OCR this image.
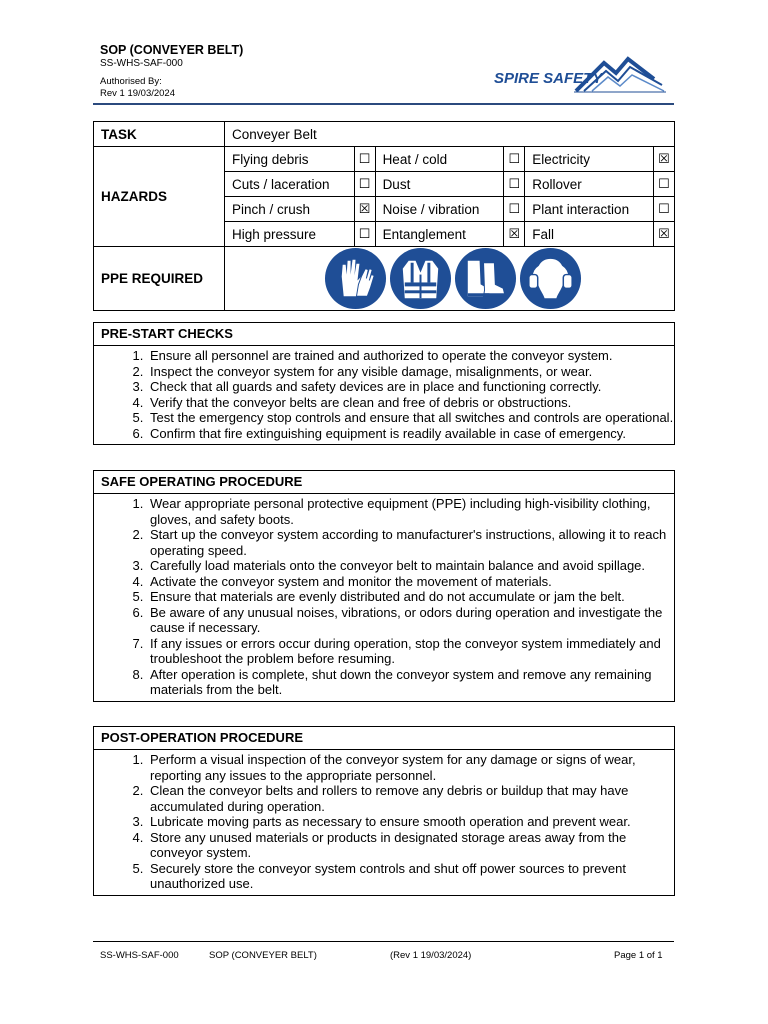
SOP (CONVEYER BELT)
SS-WHS-SAF-000
Authorised By:
Rev 1 19/03/2024
SPIRE SAFETY
TASK	Conveyer Belt					
HAZARDS	Flying debris	☐	Heat / cold	☐	Electricity	☒
	Cuts / laceration	☐	Dust	☐	Rollover	☐
	Pinch / crush	☒	Noise / vibration	☐	Plant interaction	☐
	High pressure	☐	Entanglement	☒	Fall	☒
PPE REQUIRED	
PRE-START CHECKS
1. Ensure all personnel are trained and authorized to operate the conveyor system.
2. Inspect the conveyor system for any visible damage, misalignments, or wear.
3. Check that all guards and safety devices are in place and functioning correctly.
4. Verify that the conveyor belts are clean and free of debris or obstructions.
5. Test the emergency stop controls and ensure that all switches and controls are operational.
6. Confirm that fire extinguishing equipment is readily available in case of emergency.
SAFE OPERATING PROCEDURE
1. Wear appropriate personal protective equipment (PPE) including high-visibility clothing, gloves, and safety boots.
2. Start up the conveyor system according to manufacturer's instructions, allowing it to reach operating speed.
3. Carefully load materials onto the conveyor belt to maintain balance and avoid spillage.
4. Activate the conveyor system and monitor the movement of materials.
5. Ensure that materials are evenly distributed and do not accumulate or jam the belt.
6. Be aware of any unusual noises, vibrations, or odors during operation and investigate the cause if necessary.
7. If any issues or errors occur during operation, stop the conveyor system immediately and troubleshoot the problem before resuming.
8. After operation is complete, shut down the conveyor system and remove any remaining materials from the belt.
POST-OPERATION PROCEDURE
1. Perform a visual inspection of the conveyor system for any damage or signs of wear, reporting any issues to the appropriate personnel.
2. Clean the conveyor belts and rollers to remove any debris or buildup that may have accumulated during operation.
3. Lubricate moving parts as necessary to ensure smooth operation and prevent wear.
4. Store any unused materials or products in designated storage areas away from the conveyor system.
5. Securely store the conveyor system controls and shut off power sources to prevent unauthorized use.
SS-WHS-SAF-000	SOP (CONVEYER BELT)	(Rev 1 19/03/2024)	Page 1 of 1
